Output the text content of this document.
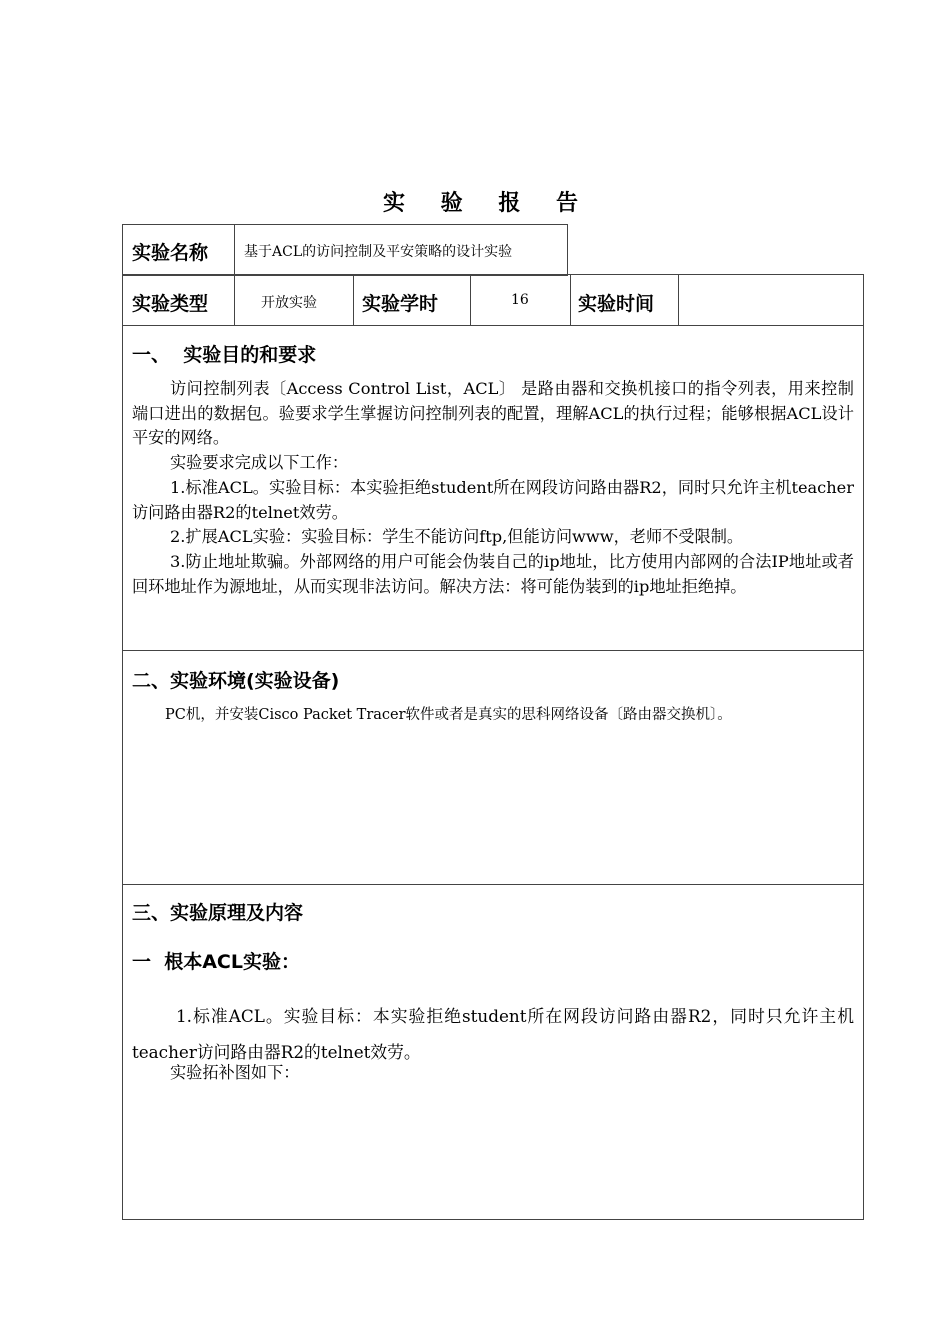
实 验 报 告
实验名称	基于ACL的访问控制及平安策略的设计实验
实验类型	开放实验 实验学时	16	实验时间
一、  实验目的和要求

访问控制列表〔Access Control List，ACL〕 是路由器和交换机接口的指令列表，用来控制端口进出的数据包。验要求学生掌握访问控制列表的配置，理解ACL的执行过程；能够根据ACL设计平安的网络。

实验要求完成以下工作：

1.标准ACL。实验目标：本实验拒绝student所在网段访问路由器R2，同时只允许主机teacher访问路由器R2的telnet效劳。

2.扩展ACL实验：实验目标：学生不能访问ftp,但能访问www，老师不受限制。

3.防止地址欺骗。外部网络的用户可能会伪装自己的ip地址，比方使用内部网的合法IP地址或者回环地址作为源地址，从而实现非法访问。解决方法：将可能伪装到的ip地址拒绝掉。

二、实验环境(实验设备)
PC机，并安装Cisco Packet Tracer软件或者是真实的思科网络设备〔路由器交换机〕。
三、实验原理及内容
一  根本ACL实验：

1.标准ACL。实验目标：本实验拒绝student所在网段访问路由器R2，同时只允许主机teacher访问路由器R2的telnet效劳。

实验拓补图如下：
